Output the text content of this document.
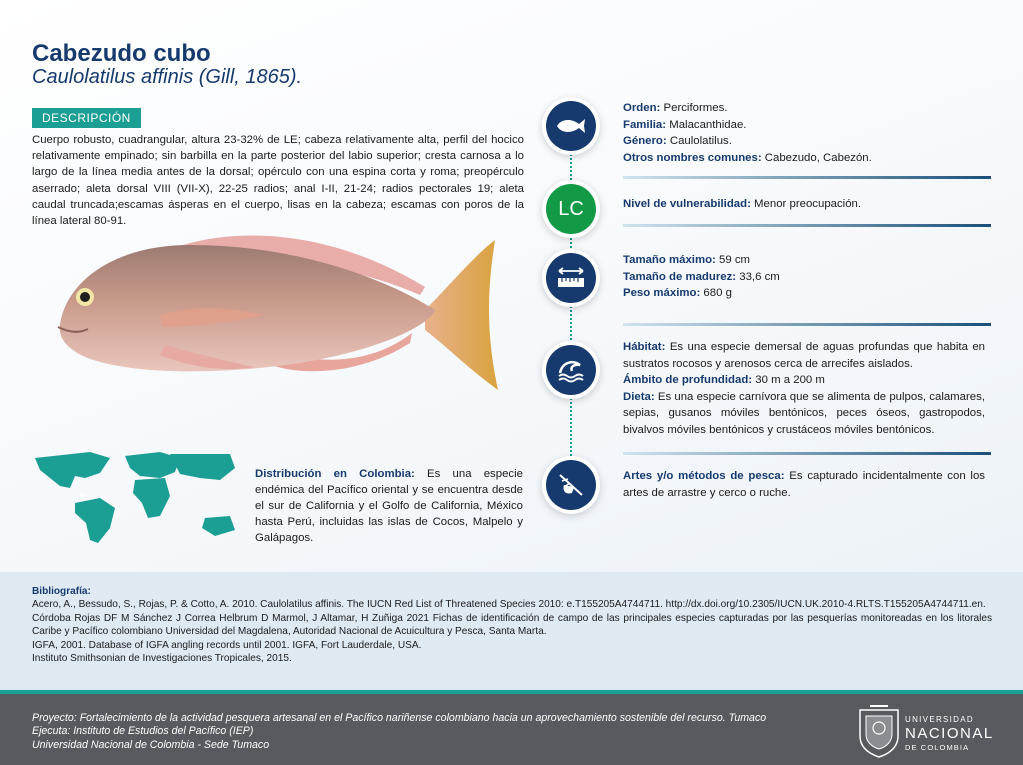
Cabezudo cubo
Caulolatilus affinis (Gill, 1865).
DESCRIPCIÓN
Cuerpo robusto, cuadrangular, altura 23-32% de LE; cabeza relativamente alta, perfil del hocico relativamente empinado; sin barbilla en la parte posterior del labio superior; cresta carnosa a lo largo de la línea media antes de la dorsal; opérculo con una espina corta y roma; preopérculo aserrado; aleta dorsal VIII (VII-X), 22-25 radios; anal I-II, 21-24; radios pectorales 19; aleta caudal truncada;escamas ásperas en el cuerpo, lisas en la cabeza; escamas con poros de la línea lateral 80-91.
Distribución en Colombia: Es una especie endémica del Pacífico oriental y se encuentra desde el sur de California y el Golfo de California, México hasta Perú, incluidas las islas de Cocos, Malpelo y Galápagos.
LC
Orden: Perciformes.
Familia: Malacanthidae.
Género: Caulolatilus.
Otros nombres comunes: Cabezudo, Cabezón.
Nivel de vulnerabilidad: Menor preocupación.
Tamaño máximo: 59 cm
Tamaño de madurez: 33,6 cm
Peso máximo: 680 g
Hábitat: Es una especie demersal de aguas profundas que habita en sustratos rocosos y arenosos cerca de arrecifes aislados.
Ámbito de profundidad: 30 m a 200 m
Dieta: Es una especie carnívora que se alimenta de pulpos, calamares, sepias, gusanos móviles bentónicos, peces óseos, gastropodos, bivalvos móviles bentónicos y crustáceos móviles bentónicos.
Artes y/o métodos de pesca: Es capturado incidentalmente con los artes de arrastre y cerco o ruche.
Bibliografía:

Acero, A., Bessudo, S., Rojas, P. & Cotto, A. 2010. Caulolatilus affinis. The IUCN Red List of Threatened Species 2010: e.T155205A4744711. http://dx.doi.org/10.2305/IUCN.UK.2010-4.RLTS.T155205A4744711.en.

Córdoba Rojas DF M Sánchez J Correa Helbrum D Marmol, J Altamar, H Zuñiga 2021 Fichas de identificación de campo de las principales especies capturadas por las pesquerías monitoreadas en los litorales Caribe y Pacífico colombiano Universidad del Magdalena, Autoridad Nacional de Acuicultura y Pesca, Santa Marta.

IGFA, 2001. Database of IGFA angling records until 2001. IGFA, Fort Lauderdale, USA.

Instituto Smithsonian de Investigaciones Tropicales, 2015.

Proyecto: Fortalecimiento de la actividad pesquera artesanal en el Pacífico nariñense colombiano hacia un aprovechamiento sostenible del recurso. Tumaco
Ejecuta: Instituto de Estudios del Pacífico (IEP)
Universidad Nacional de Colombia - Sede Tumaco
UNIVERSIDAD
NACIONAL
DE COLOMBIA
